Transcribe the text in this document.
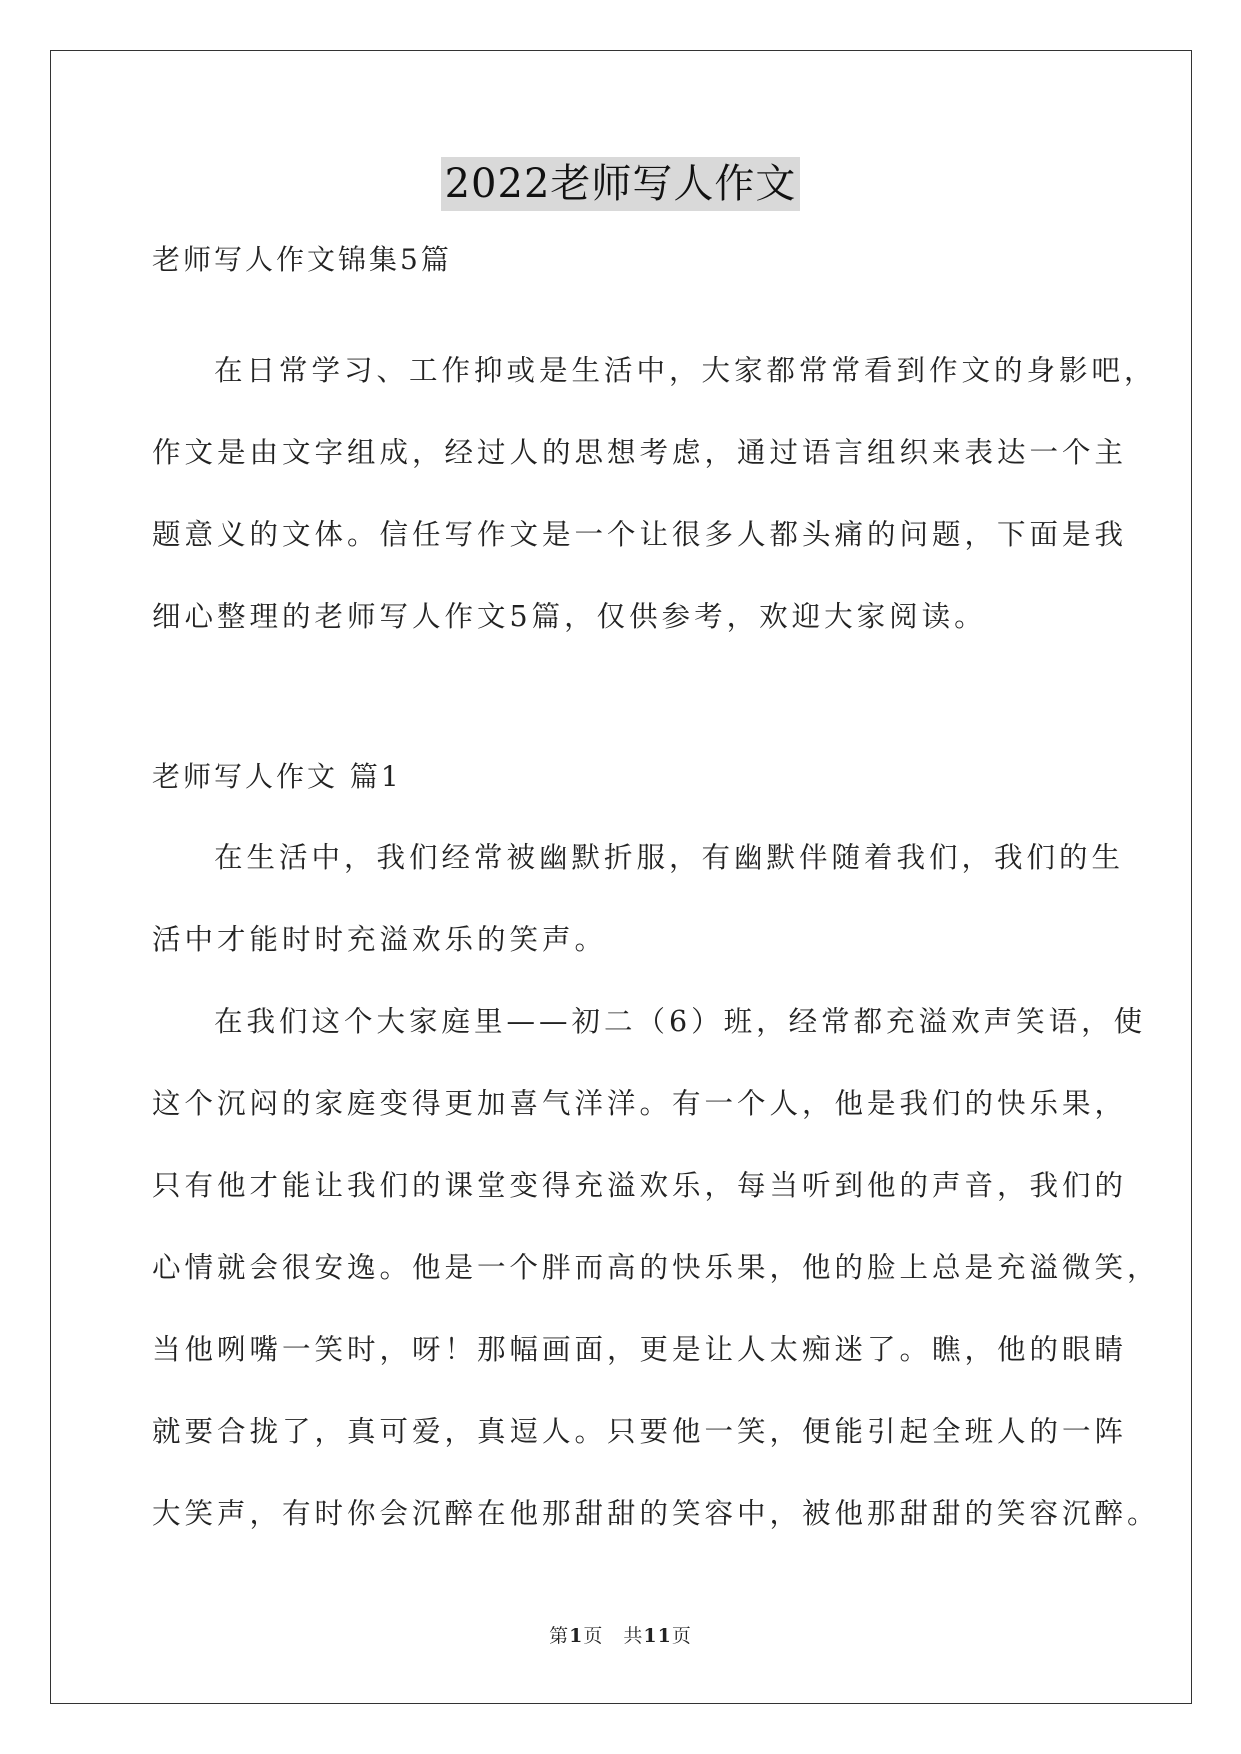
2022老师写人作文
老师写人作文锦集5篇
在日常学习、工作抑或是生活中，大家都常常看到作文的身影吧，
作文是由文字组成，经过人的思想考虑，通过语言组织来表达一个主
题意义的文体。信任写作文是一个让很多人都头痛的问题，下面是我
细心整理的老师写人作文5篇，仅供参考，欢迎大家阅读。
老师写人作文 篇1
在生活中，我们经常被幽默折服，有幽默伴随着我们，我们的生
活中才能时时充溢欢乐的笑声。
在我们这个大家庭里——初二（6）班，经常都充溢欢声笑语，使
这个沉闷的家庭变得更加喜气洋洋。有一个人，他是我们的快乐果，
只有他才能让我们的课堂变得充溢欢乐，每当听到他的声音，我们的
心情就会很安逸。他是一个胖而高的快乐果，他的脸上总是充溢微笑，
当他咧嘴一笑时，呀！那幅画面，更是让人太痴迷了。瞧，他的眼睛
就要合拢了，真可爱，真逗人。只要他一笑，便能引起全班人的一阵
大笑声，有时你会沉醉在他那甜甜的笑容中，被他那甜甜的笑容沉醉。
第1页　共11页
